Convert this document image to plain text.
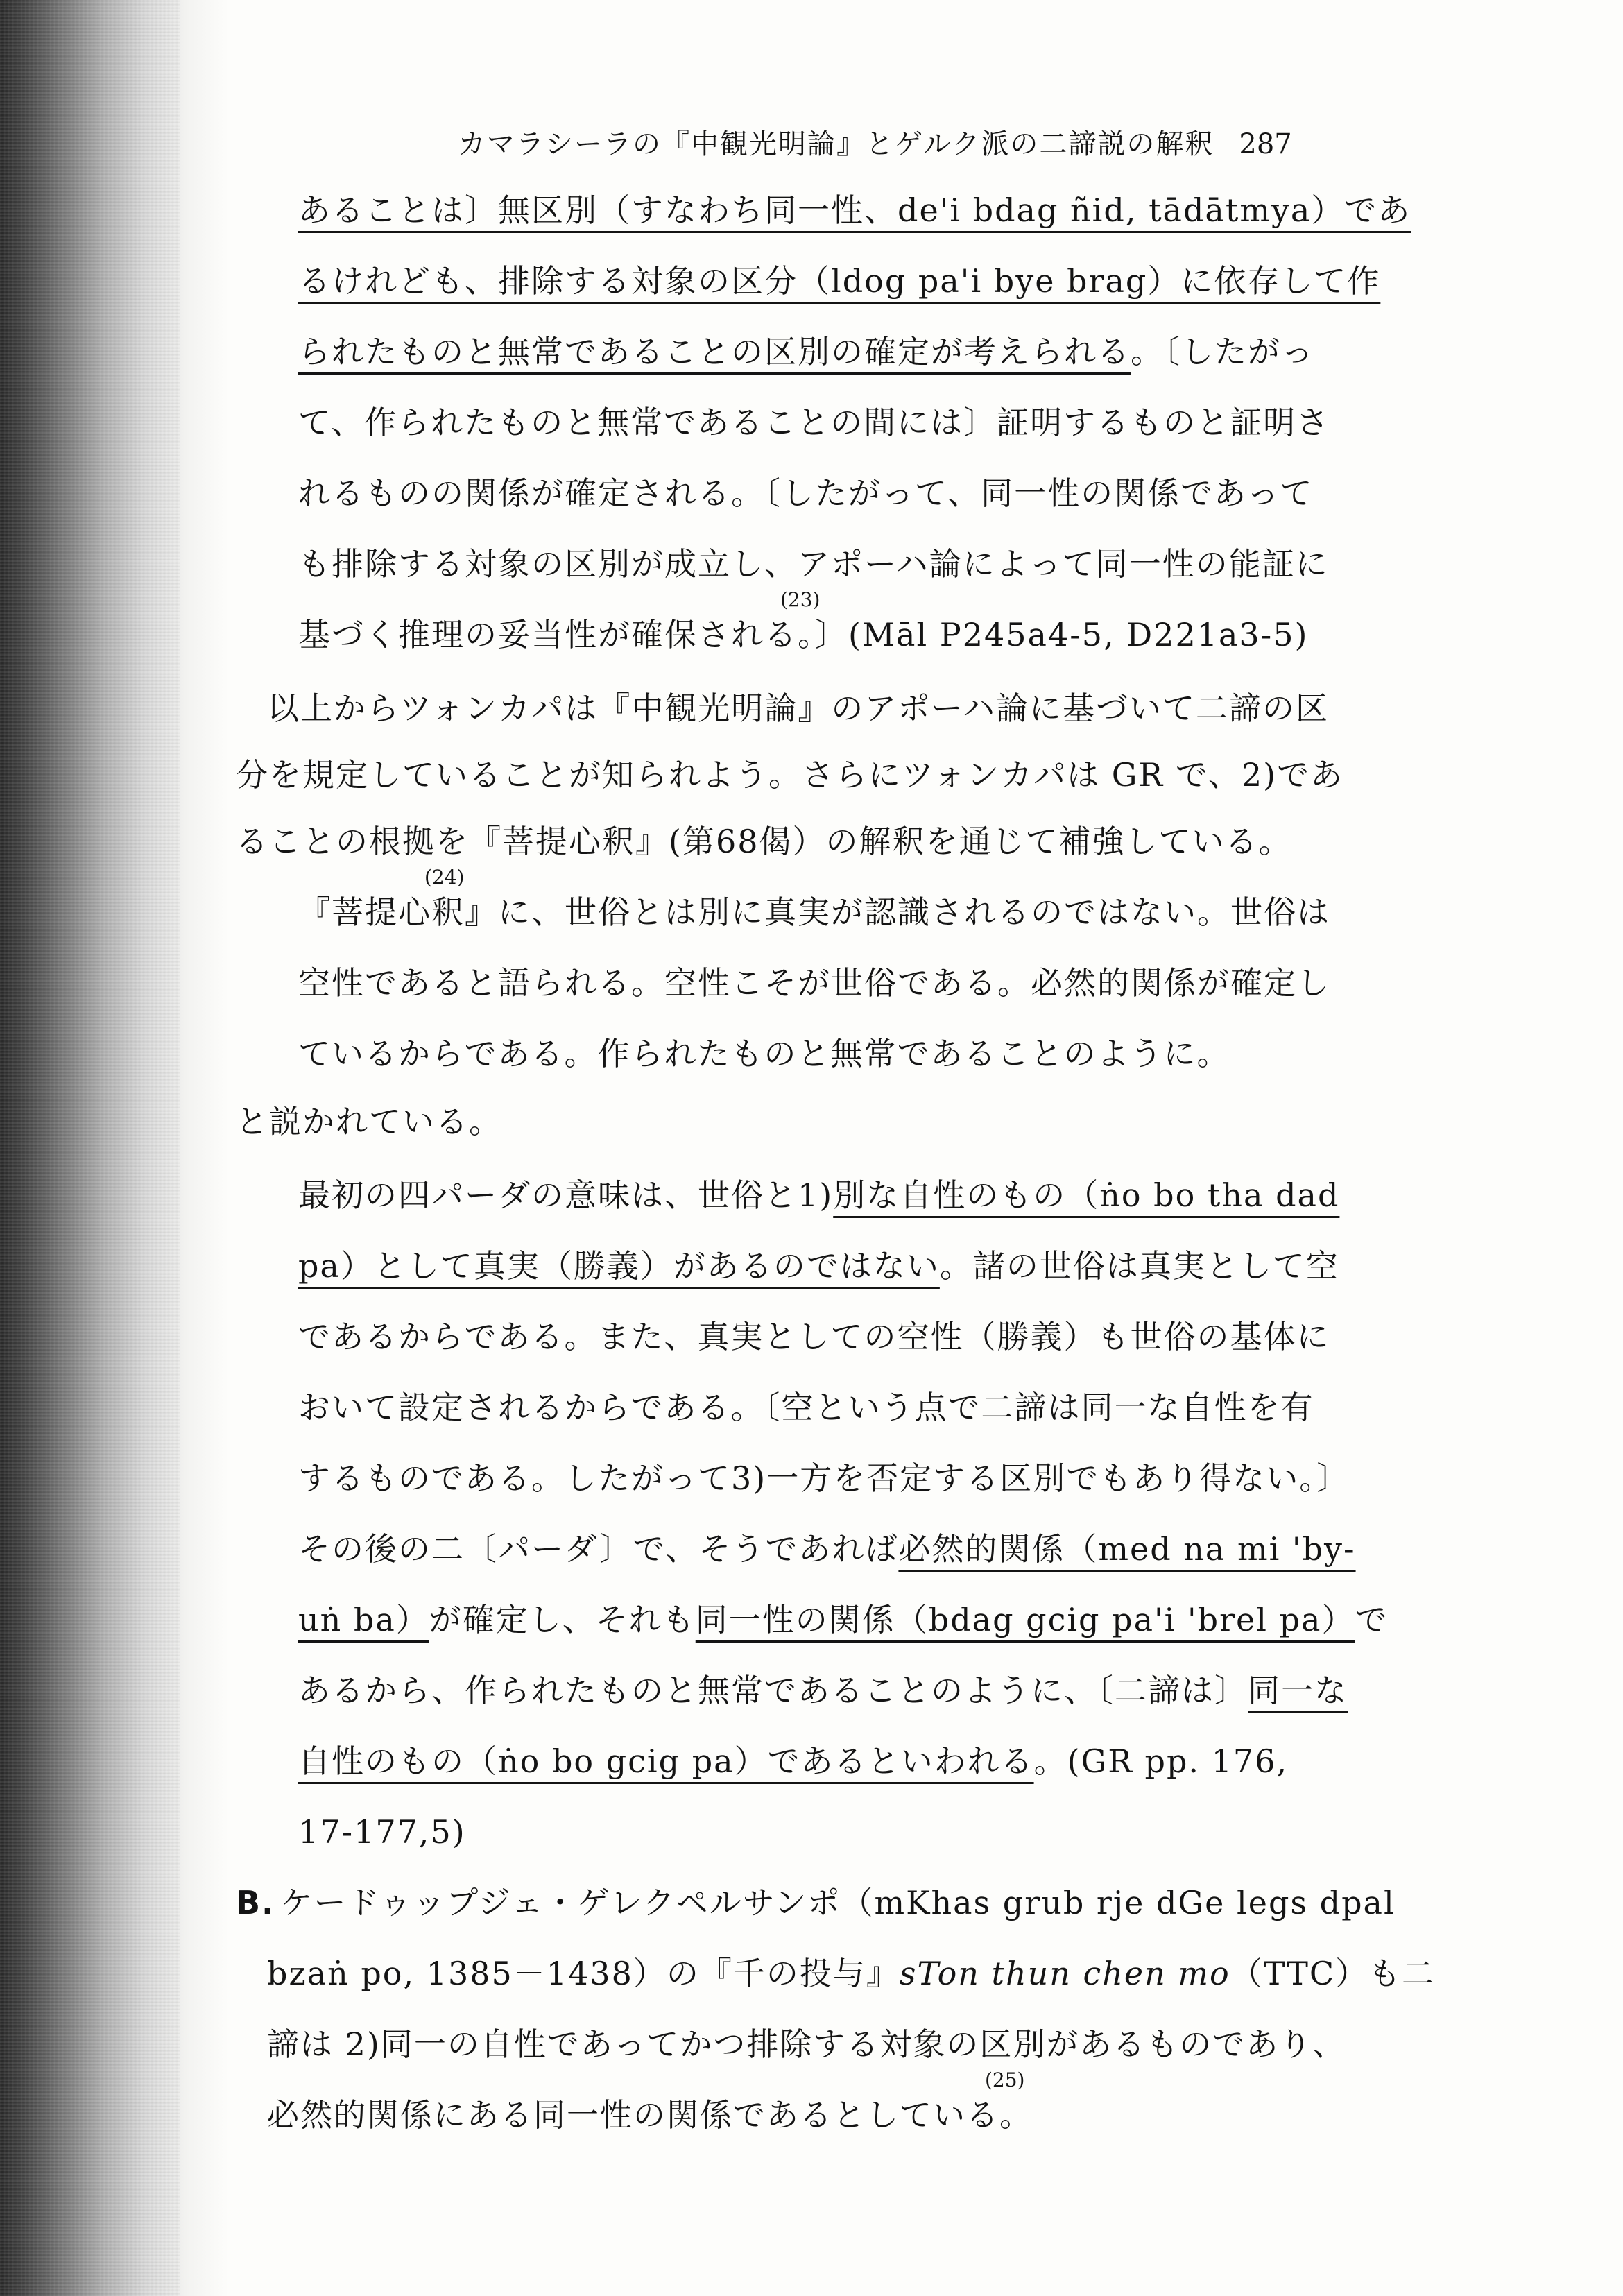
カマラシーラの『中観光明論』とゲルク派の二諦説の解釈 287
あることは〕無区別（すなわち同一性、de'i bdag ñid, tādātmya）であ
るけれども、排除する対象の区分（ldog pa'i bye brag）に依存して作
られたものと無常であることの区別の確定が考えられる。〔したがっ
て、作られたものと無常であることの間には〕証明するものと証明さ
れるものの関係が確定される。〔したがって、同一性の関係であって
も排除する対象の区別が成立し、アポーハ論によって同一性の能証に
(23)
基づく推理の妥当性が確保される。〕(Māl P245a4-5, D221a3-5)
以上からツォンカパは『中観光明論』のアポーハ論に基づいて二諦の区
分を規定していることが知られよう。さらにツォンカパは GR で、2)であ
ることの根拠を『菩提心釈』(第68偈）の解釈を通じて補強している。
(24)
『菩提心釈』に、世俗とは別に真実が認識されるのではない。世俗は
空性であると語られる。空性こそが世俗である。必然的関係が確定し
ているからである。作られたものと無常であることのように。
と説かれている。
最初の四パーダの意味は、世俗と1)別な自性のもの（ṅo bo tha dad
pa）として真実（勝義）があるのではない。諸の世俗は真実として空
であるからである。また、真実としての空性（勝義）も世俗の基体に
おいて設定されるからである。〔空という点で二諦は同一な自性を有
するものである。したがって3)一方を否定する区別でもあり得ない。〕
その後の二〔パーダ〕で、そうであれば必然的関係（med na mi 'by-
uṅ ba）が確定し、それも同一性の関係（bdag gcig pa'i 'brel pa）で
あるから、作られたものと無常であることのように、〔二諦は〕同一な
自性のもの（ṅo bo gcig pa）であるといわれる。(GR pp. 176,
17-177,5)
B. ケードゥップジェ・ゲレクペルサンポ（mKhas grub rje dGe legs dpal
bzaṅ po, 1385－1438）の『千の投与』sTon thun chen mo（TTC）も二
諦は 2)同一の自性であってかつ排除する対象の区別があるものであり、
(25)
必然的関係にある同一性の関係であるとしている。
